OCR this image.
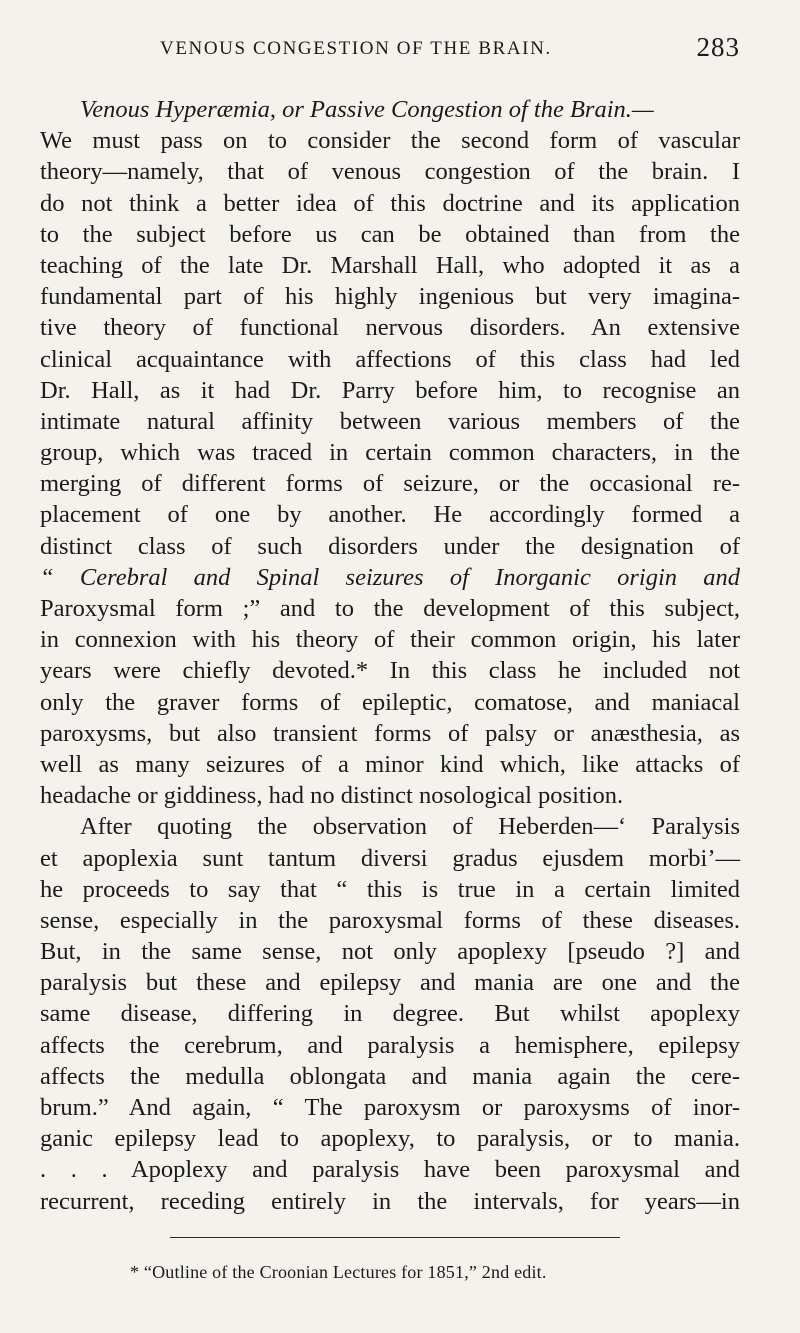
VENOUS CONGESTION OF THE BRAIN.	283
Venous Hyperæmia, or Passive Congestion of the Brain.—
We must pass on to consider the second form of vascular
theory—namely, that of venous congestion of the brain. I
do not think a better idea of this doctrine and its application
to the subject before us can be obtained than from the
teaching of the late Dr. Marshall Hall, who adopted it as a
fundamental part of his highly ingenious but very imagina-
tive theory of functional nervous disorders. An extensive
clinical acquaintance with affections of this class had led
Dr. Hall, as it had Dr. Parry before him, to recognise an
intimate natural affinity between various members of the
group, which was traced in certain common characters, in the
merging of different forms of seizure, or the occasional re-
placement of one by another. He accordingly formed a
distinct class of such disorders under the designation of
“ Cerebral and Spinal seizures of Inorganic origin and
Paroxysmal form ;” and to the development of this subject,
in connexion with his theory of their common origin, his later
years were chiefly devoted.* In this class he included not
only the graver forms of epileptic, comatose, and maniacal
paroxysms, but also transient forms of palsy or anæsthesia, as
well as many seizures of a minor kind which, like attacks of
headache or giddiness, had no distinct nosological position.
After quoting the observation of Heberden—‘ Paralysis
et apoplexia sunt tantum diversi gradus ejusdem morbi’—
he proceeds to say that “ this is true in a certain limited
sense, especially in the paroxysmal forms of these diseases.
But, in the same sense, not only apoplexy [pseudo ?] and
paralysis but these and epilepsy and mania are one and the
same disease, differing in degree. But whilst apoplexy
affects the cerebrum, and paralysis a hemisphere, epilepsy
affects the medulla oblongata and mania again the cere-
brum.” And again, “ The paroxysm or paroxysms of inor-
ganic epilepsy lead to apoplexy, to paralysis, or to mania.
. . . Apoplexy and paralysis have been paroxysmal and
recurrent, receding entirely in the intervals, for years—in
* “Outline of the Croonian Lectures for 1851,” 2nd edit.
